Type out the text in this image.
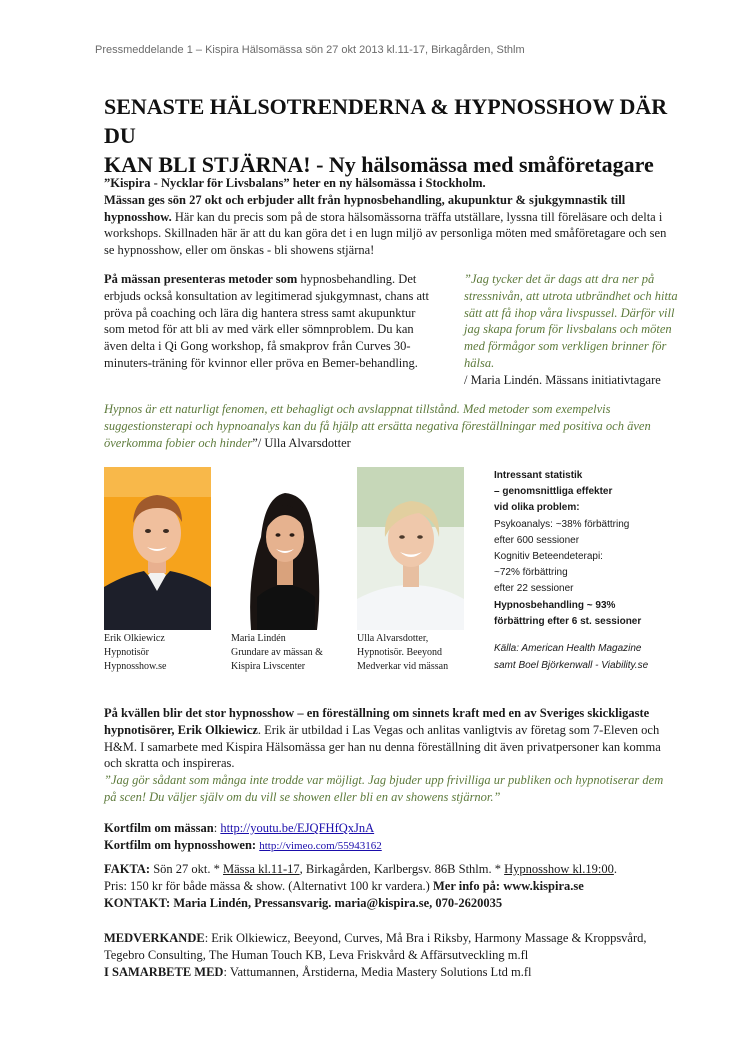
Pressmeddelande 1 – Kispira Hälsomässa sön 27 okt 2013 kl.11-17, Birkagården, Sthlm
SENASTE HÄLSOTRENDERNA & HYPNOSSHOW DÄR DU
KAN BLI STJÄRNA! - Ny hälsomässa med småföretagare

”Kispira - Nycklar för Livsbalans” heter en ny hälsomässa i Stockholm.
Mässan ges sön 27 okt och erbjuder allt från hypnosbehandling, akupunktur & sjukgymnastik till hypnosshow. Här kan du precis som på de stora hälsomässorna träffa utställare, lyssna till föreläsare och delta i workshops. Skillnaden här är att du kan göra det i en lugn miljö av personliga möten med småföretagare och sen se hypnosshow, eller om önskas - bli showens stjärna!

På mässan presenteras metoder som hypnosbehandling. Det erbjuds också konsultation av legitimerad sjukgymnast, chans att pröva på coaching och lära dig hantera stress samt akupunktur som metod för att bli av med värk eller sömnproblem. Du kan även delta i Qi Gong workshop, få smakprov från Curves 30-minuters-träning för kvinnor eller pröva en Bemer-behandling.

”Jag tycker det är dags att dra ner på stressnivån, att utrota utbrändhet och hitta sätt att få ihop våra livspussel. Därför vill jag skapa forum för livsbalans och möten med förmågor som verkligen brinner för hälsa.
/ Maria Lindén. Mässans initiativtagare

Hypnos är ett naturligt fenomen, ett behagligt och avslappnat tillstånd. Med metoder som exempelvis suggestionsterapi och hypnoanalys kan du få hjälp att ersätta negativa föreställningar med positiva och även överkomma fobier och hinder”/ Ulla Alvarsdotter

Erik Olkiewicz
Hypnotisör
Hypnosshow.se
Maria Lindén
Grundare av mässan &
Kispira Livscenter
Ulla Alvarsdotter,
Hypnotisör. Beeyond
Medverkar vid mässan
Intressant statistik
– genomsnittliga effekter
vid olika problem:
Psykoanalys: ~38% förbättring
efter 600 sessioner
Kognitiv Beteendeterapi:
~72% förbättring
efter 22 sessioner
Hypnosbehandling ~ 93%
förbättring efter 6 st. sessioner
Källa: American Health Magazine
samt Boel Björkenwall - Viability.se

På kvällen blir det stor hypnosshow – en föreställning om sinnets kraft med en av Sveriges skickligaste hypnotisörer, Erik Olkiewicz. Erik är utbildad i Las Vegas och anlitas vanligtvis av företag som 7-Eleven och H&M. I samarbete med Kispira Hälsomässa ger han nu denna föreställning dit även privatpersoner kan komma och skratta och inspireras.
”Jag gör sådant som många inte trodde var möjligt. Jag bjuder upp frivilliga ur publiken och hypnotiserar dem på scen! Du väljer själv om du vill se showen eller bli en av showens stjärnor.”

Kortfilm om mässan: http://youtu.be/EJQFHfQxJnA

Kortfilm om hypnosshowen: http://vimeo.com/55943162

FAKTA: Sön 27 okt. * Mässa kl.11-17, Birkagården, Karlbergsv. 86B Sthlm. * Hypnosshow kl.19:00.

Pris: 150 kr för både mässa & show. (Alternativt 100 kr vardera.) Mer info på: www.kispira.se

KONTAKT: Maria Lindén, Pressansvarig. maria@kispira.se, 070-2620035

MEDVERKANDE: Erik Olkiewicz, Beeyond, Curves, Må Bra i Riksby, Harmony Massage & Kroppsvård, Tegebro Consulting, The Human Touch KB, Leva Friskvård & Affärsutveckling m.fl

I SAMARBETE MED: Vattumannen, Årstiderna, Media Mastery Solutions Ltd m.fl
